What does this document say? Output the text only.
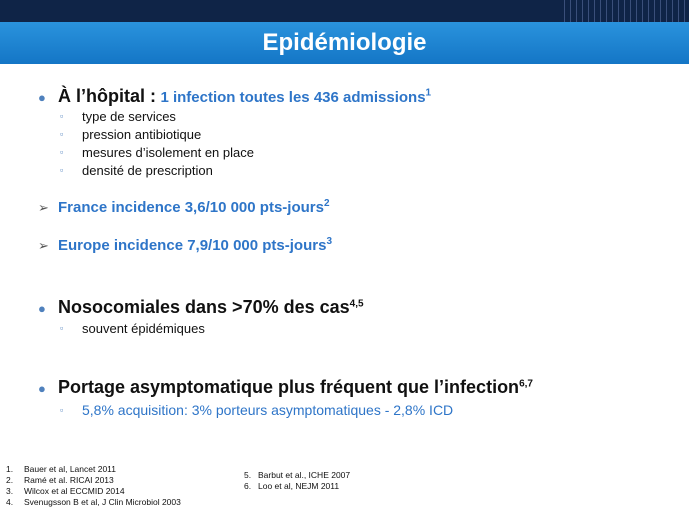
Epidémiologie
● À l’hôpital : 1 infection toutes les 436 admissions$^1$
▫ type de services
▫ pression antibiotique
▫ mesures d’isolement en place
▫ densité de prescription
➢ France incidence 3,6/10 000 pts-jours$^2$
➢ Europe incidence 7,9/10 000 pts-jours$^3$
● Nosocomiales dans >70% des cas$^{4,5}$
▫ souvent épidémiques
● Portage asymptomatique plus fréquent que l’infection$^{6,7}$
▫ 5,8% acquisition: 3% porteurs asymptomatiques - 2,8% ICD
1. Bauer et al, Lancet 2011
2. Ramé et al. RICAI 2013
3. Wilcox et al ECCMID 2014
4. Svenugsson B et al, J Clin Microbiol 2003
5. Barbut et al., ICHE 2007
6. Loo et al, NEJM 2011
